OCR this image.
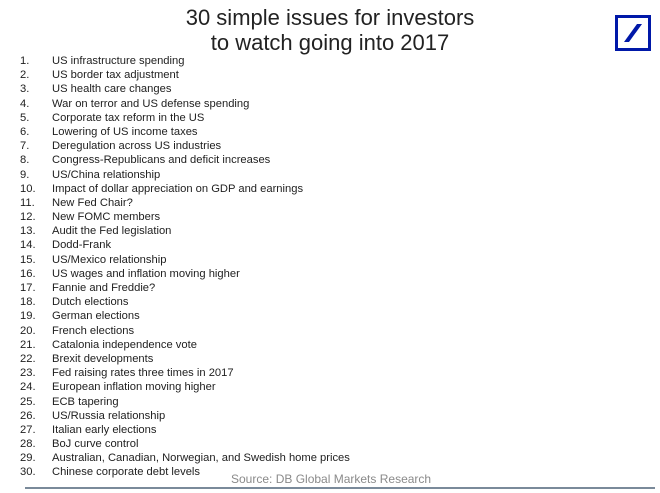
30 simple issues for investors
to watch going into 2017
1.	US infrastructure spending
2.	US border tax adjustment
3.	US health care changes
4.	War on terror and US defense spending
5.	Corporate tax reform in the US
6.	Lowering of US income taxes
7.	Deregulation across US industries
8.	Congress-Republicans and deficit increases
9.	US/China relationship
10.	Impact of dollar appreciation on GDP and earnings
11.	New Fed Chair?
12.	New FOMC members
13.	Audit the Fed legislation
14.	Dodd-Frank
15.	US/Mexico relationship
16.	US wages and inflation moving higher
17.	Fannie and Freddie?
18.	Dutch elections
19.	German elections
20.	French elections
21.	Catalonia independence vote
22.	Brexit developments
23.	Fed raising rates three times in 2017
24.	European inflation moving higher
25.	ECB tapering
26.	US/Russia relationship
27.	Italian early elections
28.	BoJ curve control
29.	Australian, Canadian, Norwegian, and Swedish home prices
30.	Chinese corporate debt levels	Source: DB Global Markets Research
